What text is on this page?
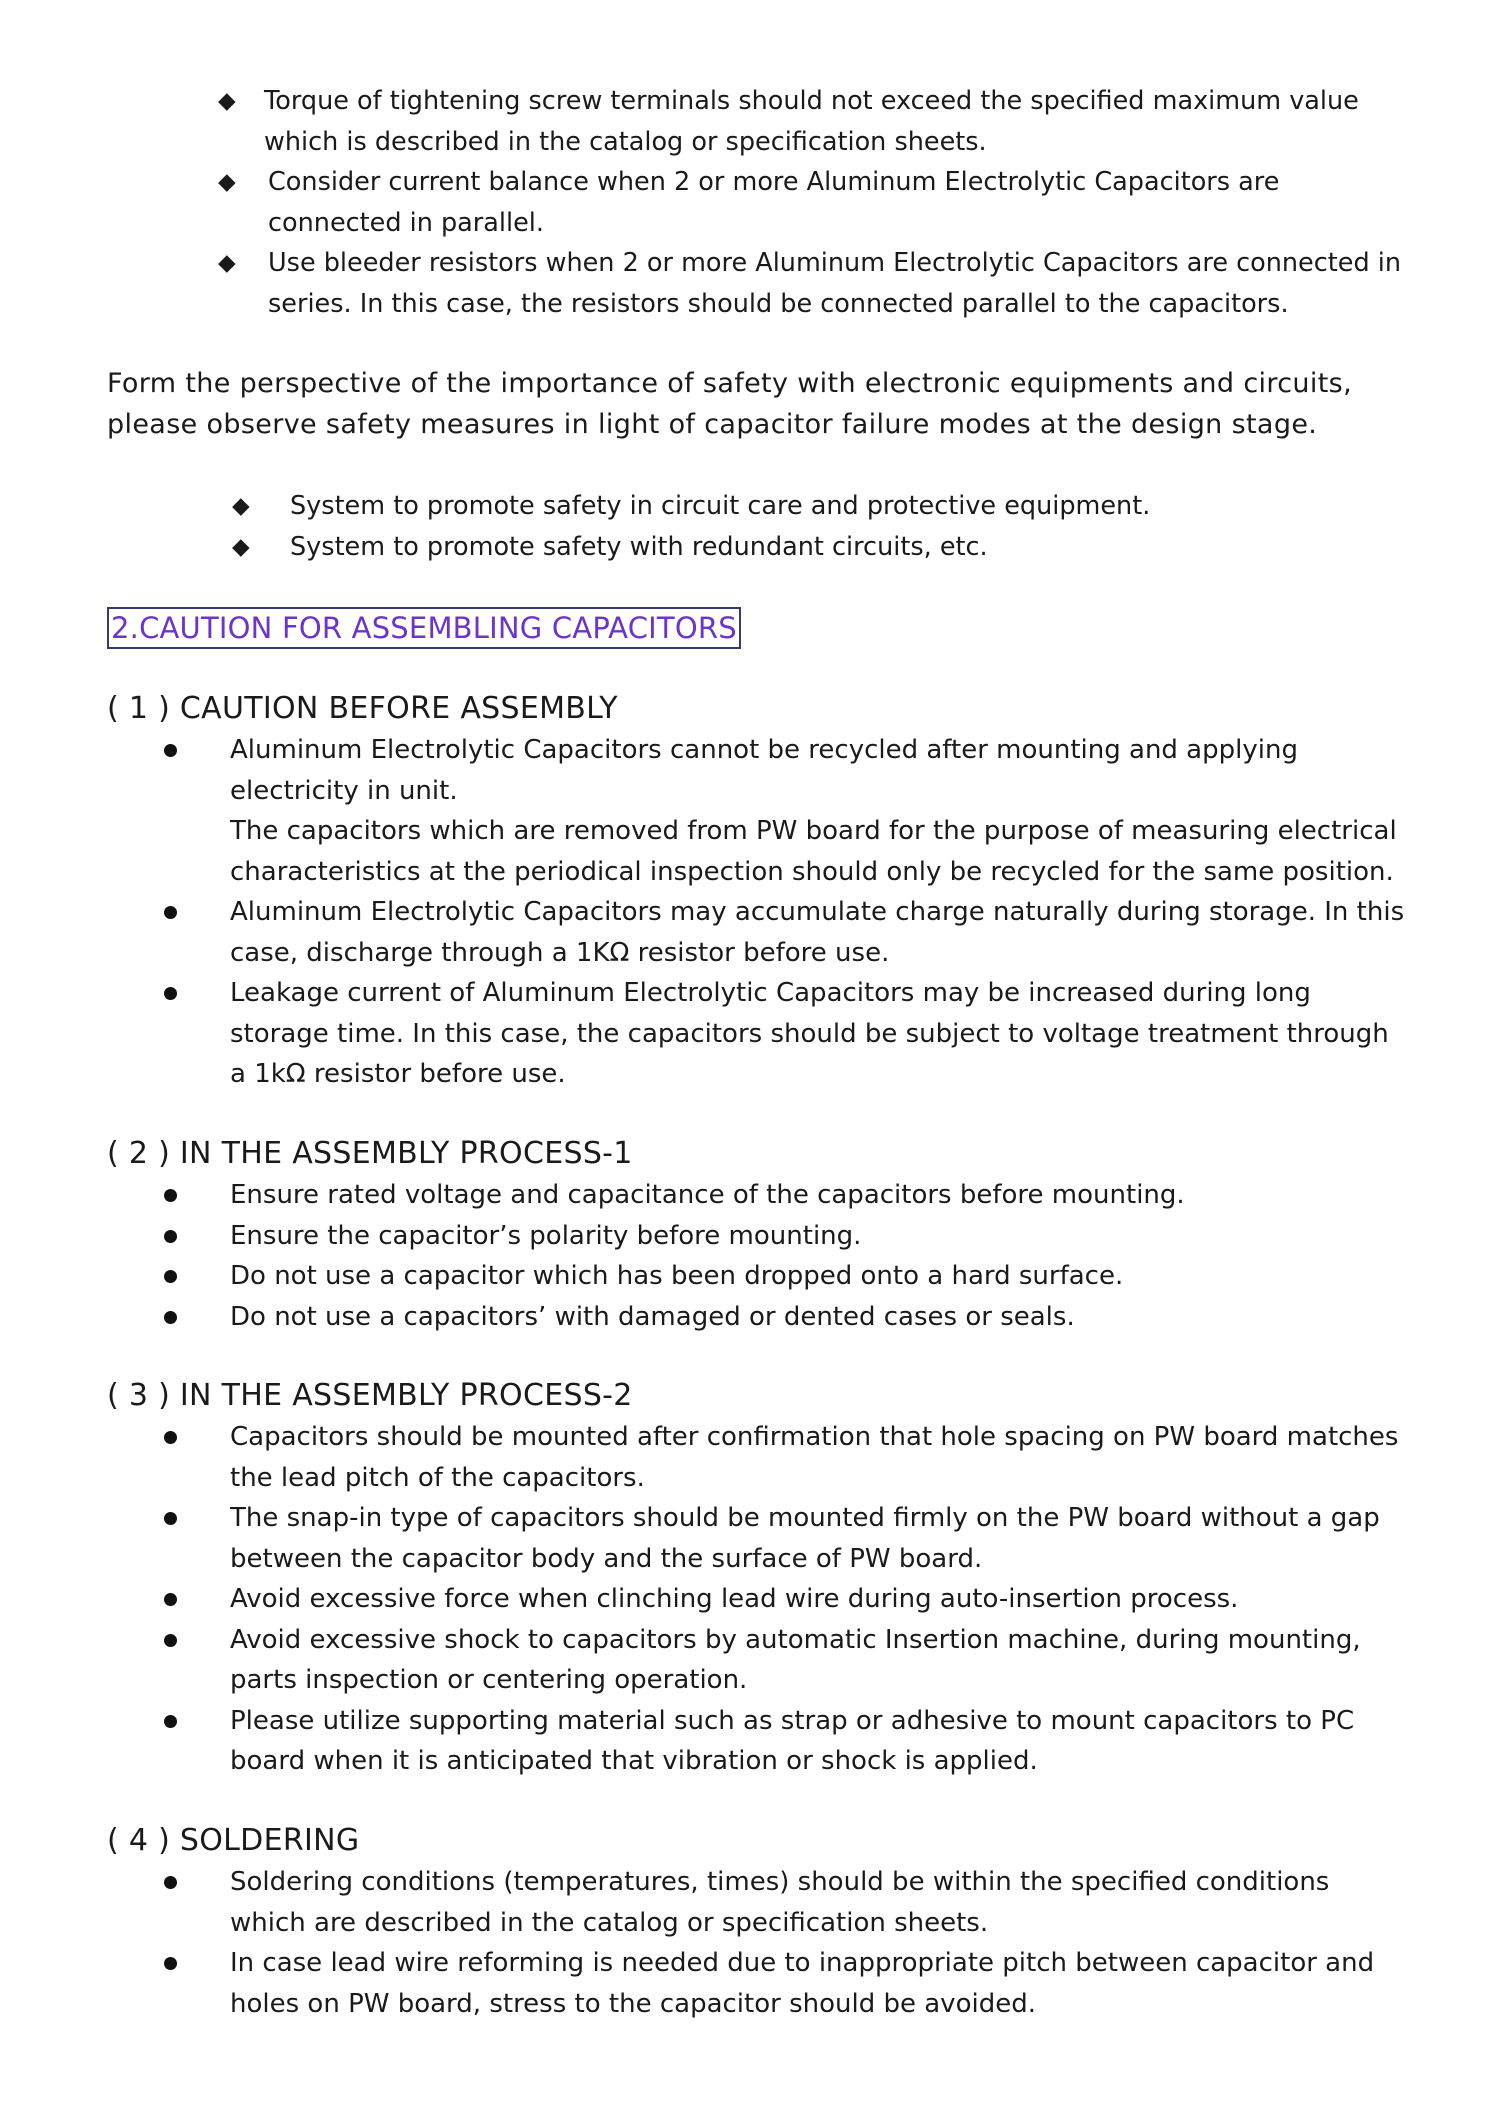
◆ Torque of tightening screw terminals should not exceed the specified maximum value which is described in the catalog or specification sheets.
◆ Consider current balance when 2 or more Aluminum Electrolytic Capacitors are connected in parallel.
◆ Use bleeder resistors when 2 or more Aluminum Electrolytic Capacitors are connected in series. In this case, the resistors should be connected parallel to the capacitors.

Form the perspective of the importance of safety with electronic equipments and circuits, please observe safety measures in light of capacitor failure modes at the design stage.

◆ System to promote safety in circuit care and protective equipment.
◆ System to promote safety with redundant circuits, etc.
2.CAUTION FOR ASSEMBLING CAPACITORS
( 1 ) CAUTION BEFORE ASSEMBLY
Aluminum Electrolytic Capacitors cannot be recycled after mounting and applying electricity in unit.
The capacitors which are removed from PW board for the purpose of measuring electrical characteristics at the periodical inspection should only be recycled for the same position.
Aluminum Electrolytic Capacitors may accumulate charge naturally during storage. In this case, discharge through a 1KΩ resistor before use.
Leakage current of Aluminum Electrolytic Capacitors may be increased during long storage time. In this case, the capacitors should be subject to voltage treatment through a 1kΩ resistor before use.
( 2 ) IN THE ASSEMBLY PROCESS-1
Ensure rated voltage and capacitance of the capacitors before mounting.
Ensure the capacitor’s polarity before mounting.
Do not use a capacitor which has been dropped onto a hard surface.
Do not use a capacitors’ with damaged or dented cases or seals.
( 3 ) IN THE ASSEMBLY PROCESS-2
Capacitors should be mounted after confirmation that hole spacing on PW board matches the lead pitch of the capacitors.
The snap-in type of capacitors should be mounted firmly on the PW board without a gap between the capacitor body and the surface of PW board.
Avoid excessive force when clinching lead wire during auto-insertion process.
Avoid excessive shock to capacitors by automatic Insertion machine, during mounting, parts inspection or centering operation.
Please utilize supporting material such as strap or adhesive to mount capacitors to PC board when it is anticipated that vibration or shock is applied.
( 4 ) SOLDERING
Soldering conditions (temperatures, times) should be within the specified conditions which are described in the catalog or specification sheets.
In case lead wire reforming is needed due to inappropriate pitch between capacitor and holes on PW board, stress to the capacitor should be avoided.
